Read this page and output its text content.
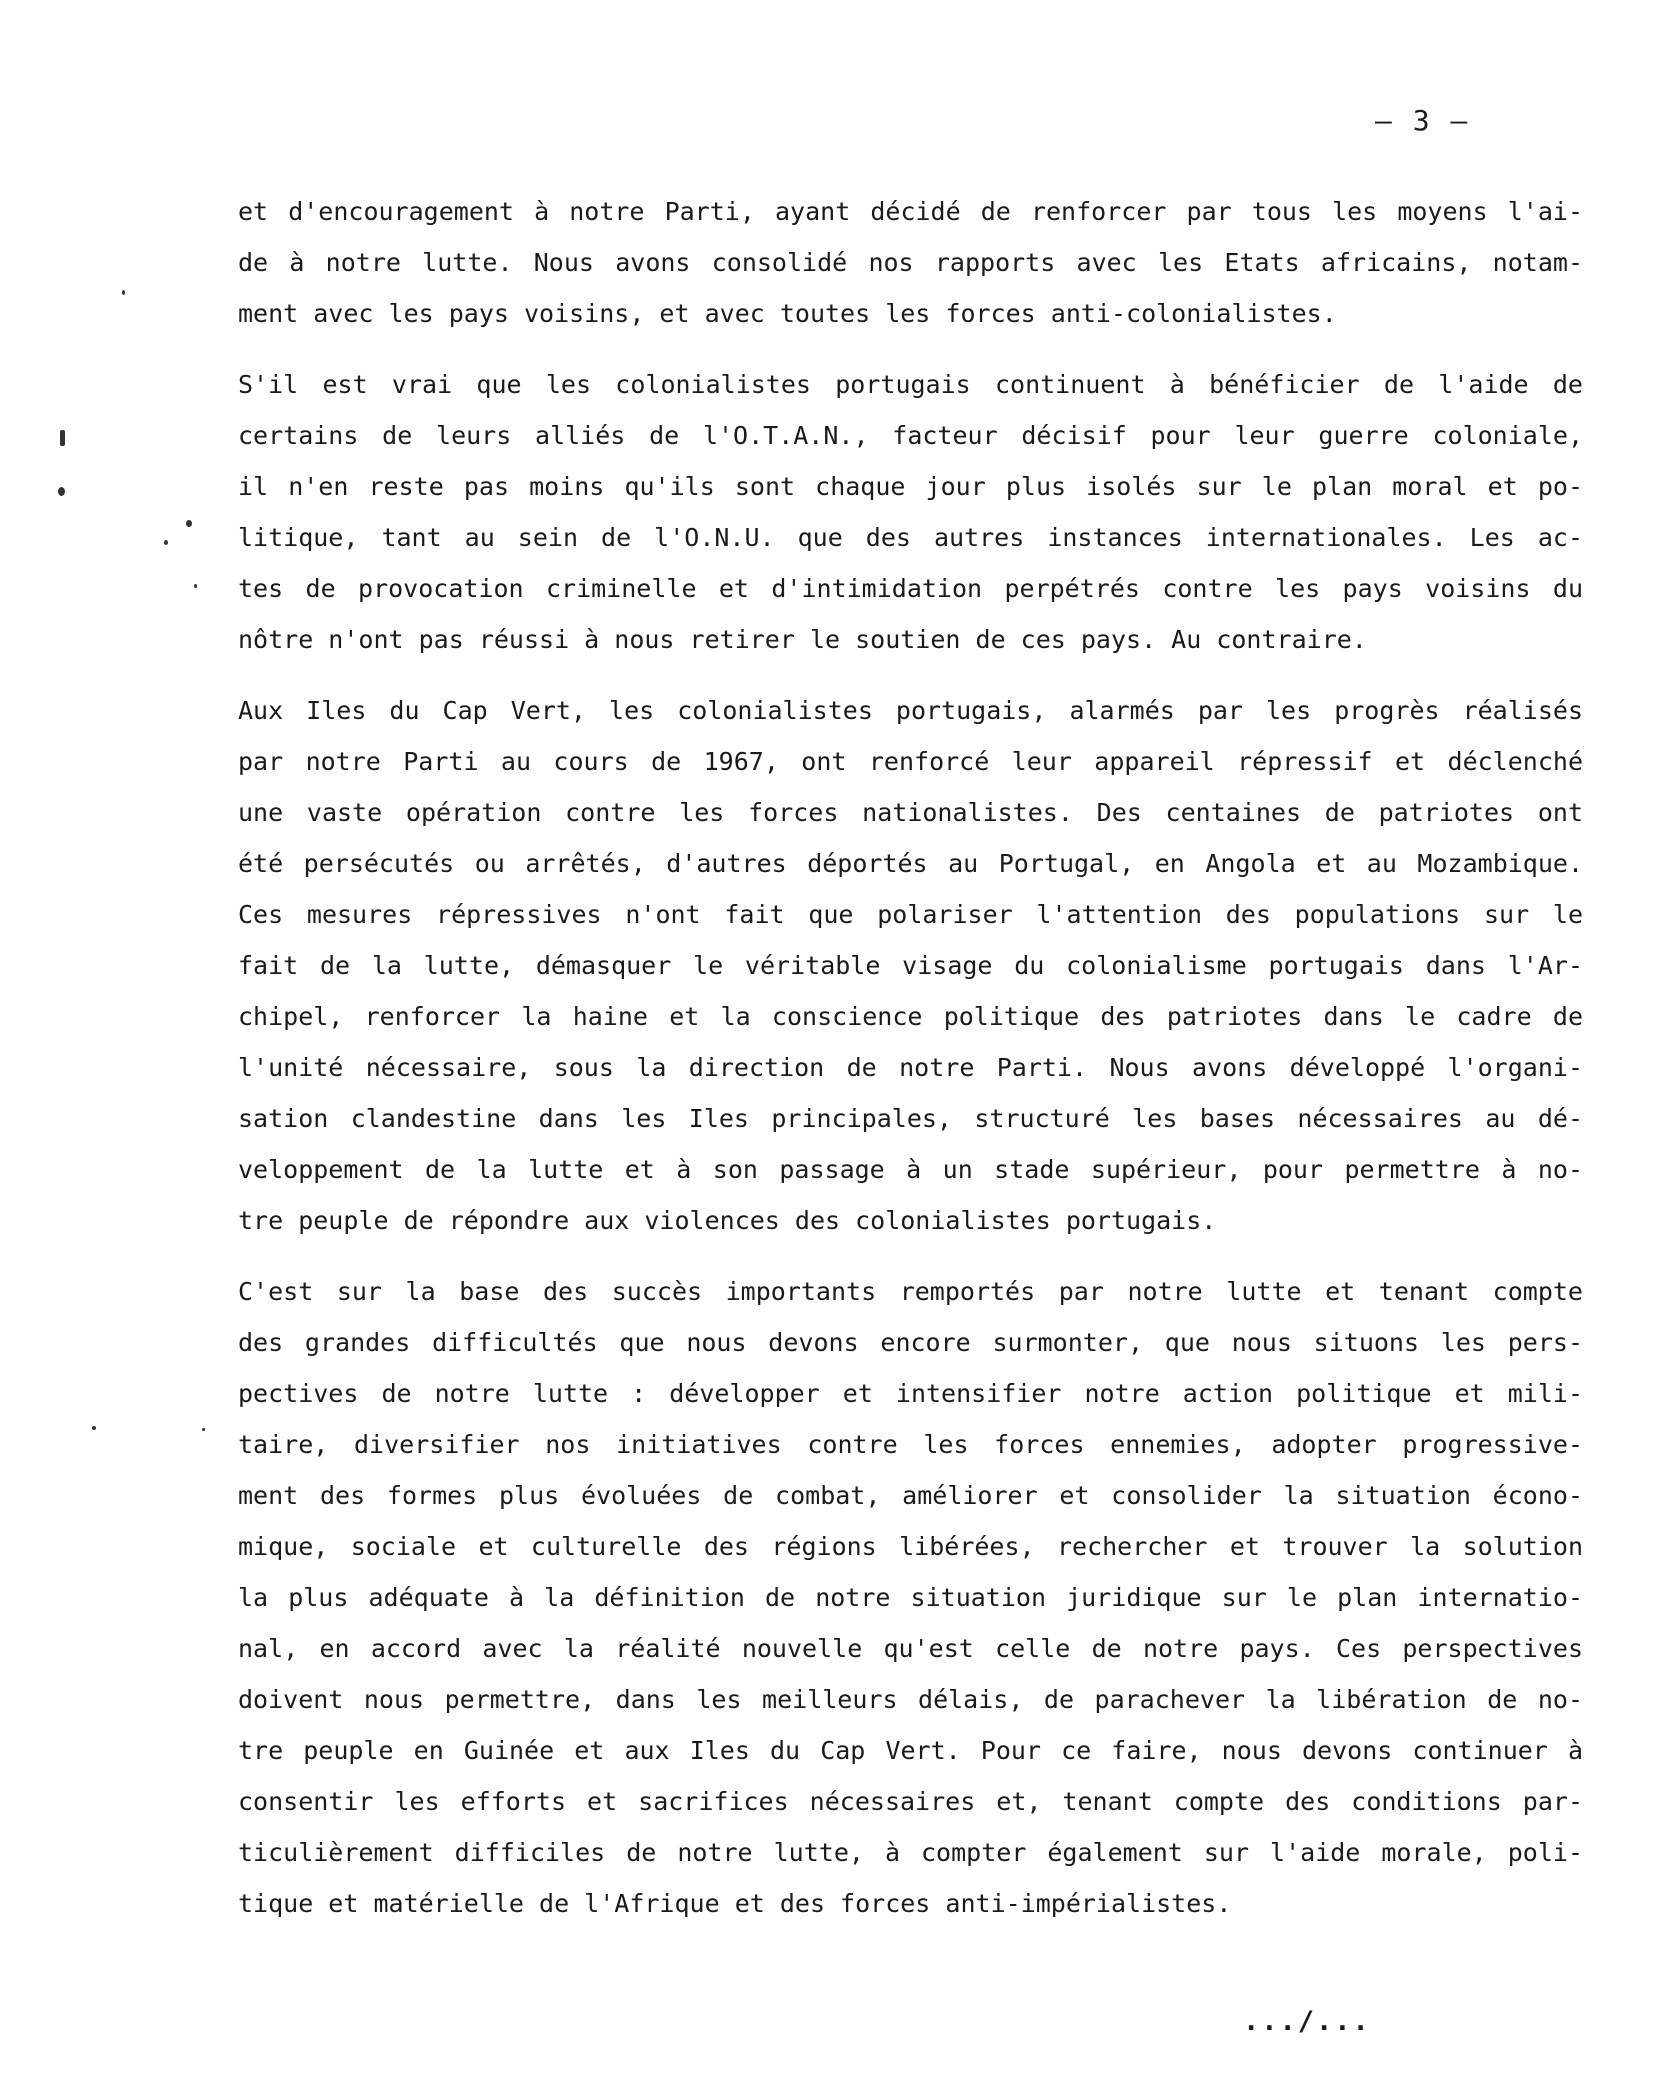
– 3 –
et d'encouragement à notre Parti, ayant décidé de renforcer par tous les moyens l'ai-
de à notre lutte. Nous avons consolidé nos rapports avec les Etats africains, notam-
ment avec les pays voisins, et avec toutes les forces anti-colonialistes.
S'il est vrai que les colonialistes portugais continuent à bénéficier de l'aide de
certains de leurs alliés de l'O.T.A.N., facteur décisif pour leur guerre coloniale,
il n'en reste pas moins qu'ils sont chaque jour plus isolés sur le plan moral et po-
litique, tant au sein de l'O.N.U. que des autres instances internationales. Les ac-
tes de provocation criminelle et d'intimidation perpétrés contre les pays voisins du
nôtre n'ont pas réussi à nous retirer le soutien de ces pays. Au contraire.
Aux Iles du Cap Vert, les colonialistes portugais, alarmés par les progrès réalisés
par notre Parti au cours de 1967, ont renforcé leur appareil répressif et déclenché
une vaste opération contre les forces nationalistes. Des centaines de patriotes ont
été persécutés ou arrêtés, d'autres déportés au Portugal, en Angola et au Mozambique.
Ces mesures répressives n'ont fait que polariser l'attention des populations sur le
fait de la lutte, démasquer le véritable visage du colonialisme portugais dans l'Ar-
chipel, renforcer la haine et la conscience politique des patriotes dans le cadre de
l'unité nécessaire, sous la direction de notre Parti. Nous avons développé l'organi-
sation clandestine dans les Iles principales, structuré les bases nécessaires au dé-
veloppement de la lutte et à son passage à un stade supérieur, pour permettre à no-
tre peuple de répondre aux violences des colonialistes portugais.
C'est sur la base des succès importants remportés par notre lutte et tenant compte
des grandes difficultés que nous devons encore surmonter, que nous situons les pers-
pectives de notre lutte : développer et intensifier notre action politique et mili-
taire, diversifier nos initiatives contre les forces ennemies, adopter progressive-
ment des formes plus évoluées de combat, améliorer et consolider la situation écono-
mique, sociale et culturelle des régions libérées, rechercher et trouver la solution
la plus adéquate à la définition de notre situation juridique sur le plan internatio-
nal, en accord avec la réalité nouvelle qu'est celle de notre pays. Ces perspectives
doivent nous permettre, dans les meilleurs délais, de parachever la libération de no-
tre peuple en Guinée et aux Iles du Cap Vert. Pour ce faire, nous devons continuer à
consentir les efforts et sacrifices nécessaires et, tenant compte des conditions par-
ticulièrement difficiles de notre lutte, à compter également sur l'aide morale, poli-
tique et matérielle de l'Afrique et des forces anti-impérialistes.
.../...
